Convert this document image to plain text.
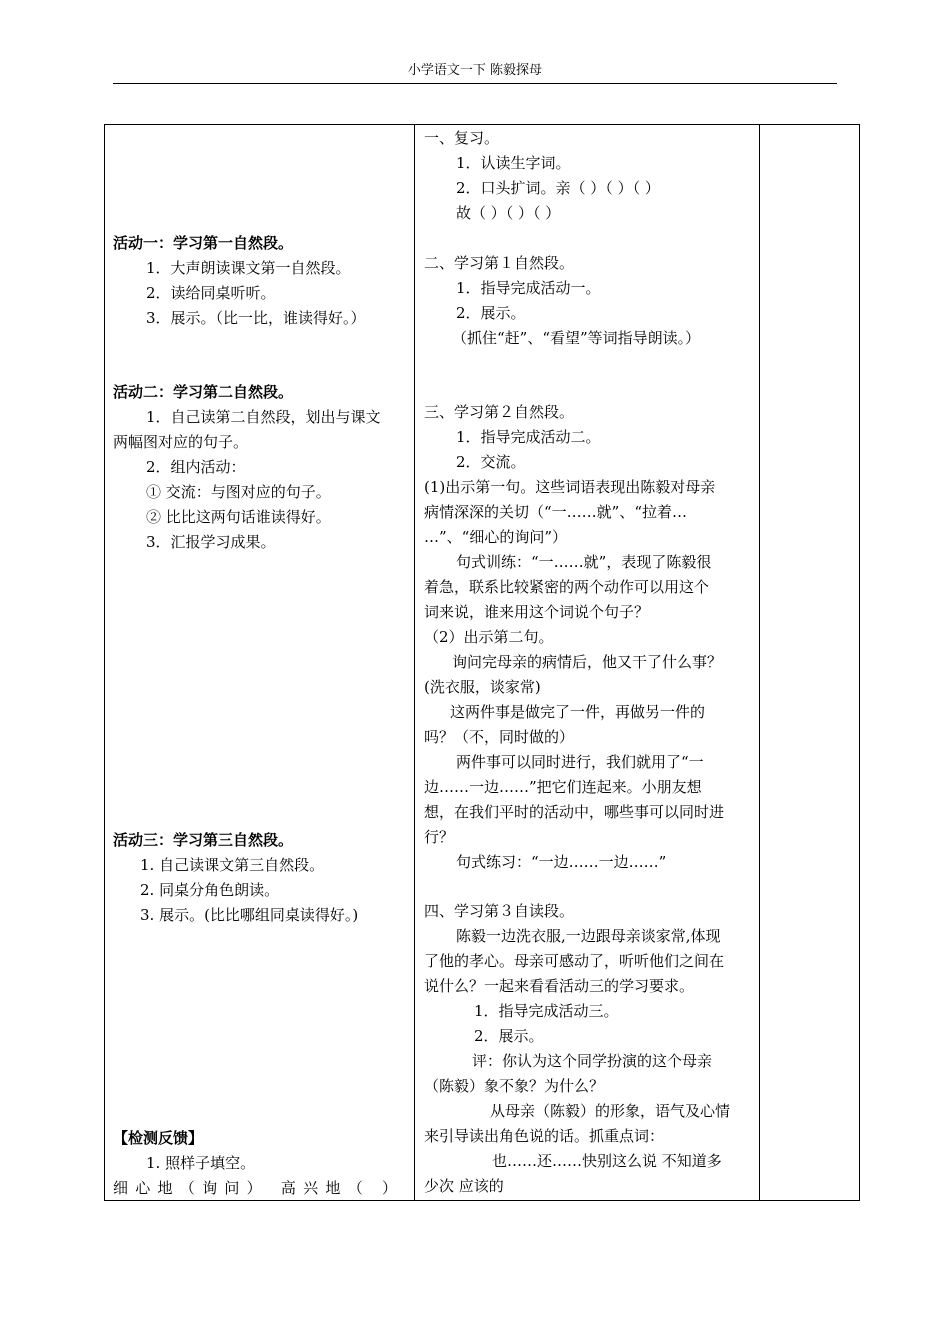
小学语文一下 陈毅探母
活动一：学习第一自然段。
1．大声朗读课文第一自然段。
2．读给同桌听听。
3．展示。（比一比，谁读得好。）
活动二：学习第二自然段。
1．自己读第二自然段，划出与课文
两幅图对应的句子。
2．组内活动：
① 交流：与图对应的句子。
② 比比这两句话谁读得好。
3．汇报学习成果。
活动三：学习第三自然段。
1. 自己读课文第三自然段。
2. 同桌分角色朗读。
3. 展示。(比比哪组同桌读得好。)
【检测反馈】
1. 照样子填空。
细心地（询问） 高兴地（ ）
一、复习。
1．认读生字词。
2．口头扩词。亲（ ）（ ）（ ）
故（ ）（ ）（ ）
二、学习第１自然段。
1．指导完成活动一。
2．展示。
（抓住“赶”、“看望”等词指导朗读。）
三、学习第２自然段。
1．指导完成活动二。
2．交流。
(1)出示第一句。这些词语表现出陈毅对母亲
病情深深的关切（“一……就”、“拉着…
…”、“细心的询问”）
句式训练：“一……就”，表现了陈毅很
着急，联系比较紧密的两个动作可以用这个
词来说，谁来用这个词说个句子？
（2）出示第二句。
询问完母亲的病情后，他又干了什么事？
(洗衣服，谈家常)
这两件事是做完了一件，再做另一件的
吗？（不，同时做的）
两件事可以同时进行，我们就用了“一
边……一边……”把它们连起来。小朋友想
想，在我们平时的活动中，哪些事可以同时进
行？
句式练习：“一边……一边……”
四、学习第３自读段。
陈毅一边洗衣服,一边跟母亲谈家常,体现
了他的孝心。母亲可感动了，听听他们之间在
说什么？一起来看看活动三的学习要求。
1．指导完成活动三。
2．展示。
评：你认为这个同学扮演的这个母亲
（陈毅）象不象？为什么？
从母亲（陈毅）的形象，语气及心情
来引导读出角色说的话。抓重点词：
也……还……快别这么说 不知道多
少次 应该的
